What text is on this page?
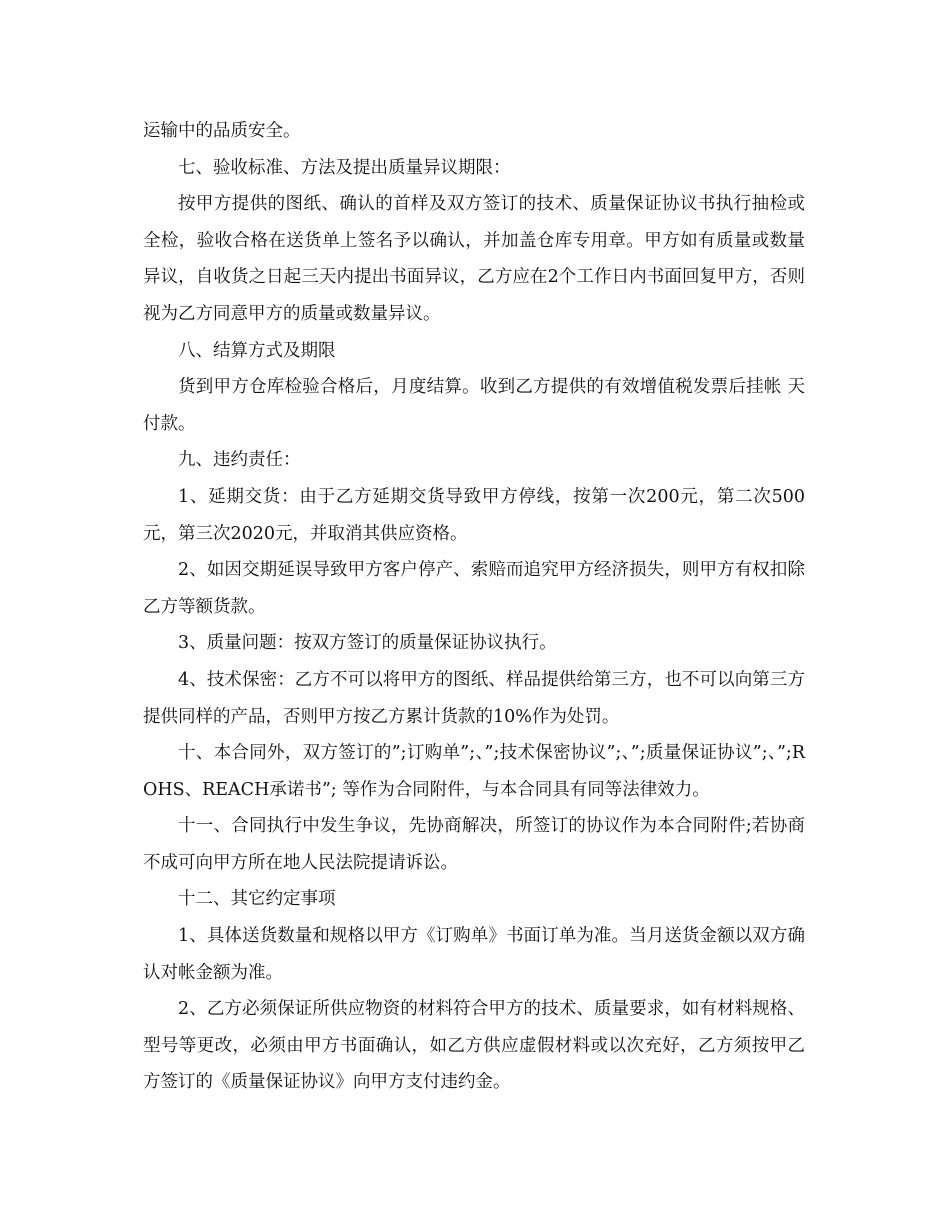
运输中的品质安全。

七、验收标准、方法及提出质量异议期限：

按甲方提供的图纸、确认的首样及双方签订的技术、质量保证协议书执行抽检或全检，验收合格在送货单上签名予以确认，并加盖仓库专用章。甲方如有质量或数量异议，自收货之日起三天内提出书面异议，乙方应在2个工作日内书面回复甲方，否则视为乙方同意甲方的质量或数量异议。

八、结算方式及期限

货到甲方仓库检验合格后，月度结算。收到乙方提供的有效增值税发票后挂帐 天付款。

九、违约责任：

1、延期交货：由于乙方延期交货导致甲方停线，按第一次200元，第二次500元，第三次2020元，并取消其供应资格。

2、如因交期延误导致甲方客户停产、索赔而追究甲方经济损失，则甲方有权扣除乙方等额货款。

3、质量问题：按双方签订的质量保证协议执行。

4、技术保密：乙方不可以将甲方的图纸、样品提供给第三方，也不可以向第三方提供同样的产品，否则甲方按乙方累计货款的10%作为处罚。

十、本合同外，双方签订的”;订购单”;、”;技术保密协议”;、”;质量保证协议”;、”;ROHS、REACH承诺书”; 等作为合同附件，与本合同具有同等法律效力。

十一、合同执行中发生争议，先协商解决，所签订的协议作为本合同附件;若协商不成可向甲方所在地人民法院提请诉讼。

十二、其它约定事项

1、具体送货数量和规格以甲方《订购单》书面订单为准。当月送货金额以双方确认对帐金额为准。

2、乙方必须保证所供应物资的材料符合甲方的技术、质量要求，如有材料规格、型号等更改，必须由甲方书面确认，如乙方供应虚假材料或以次充好，乙方须按甲乙方签订的《质量保证协议》向甲方支付违约金。
